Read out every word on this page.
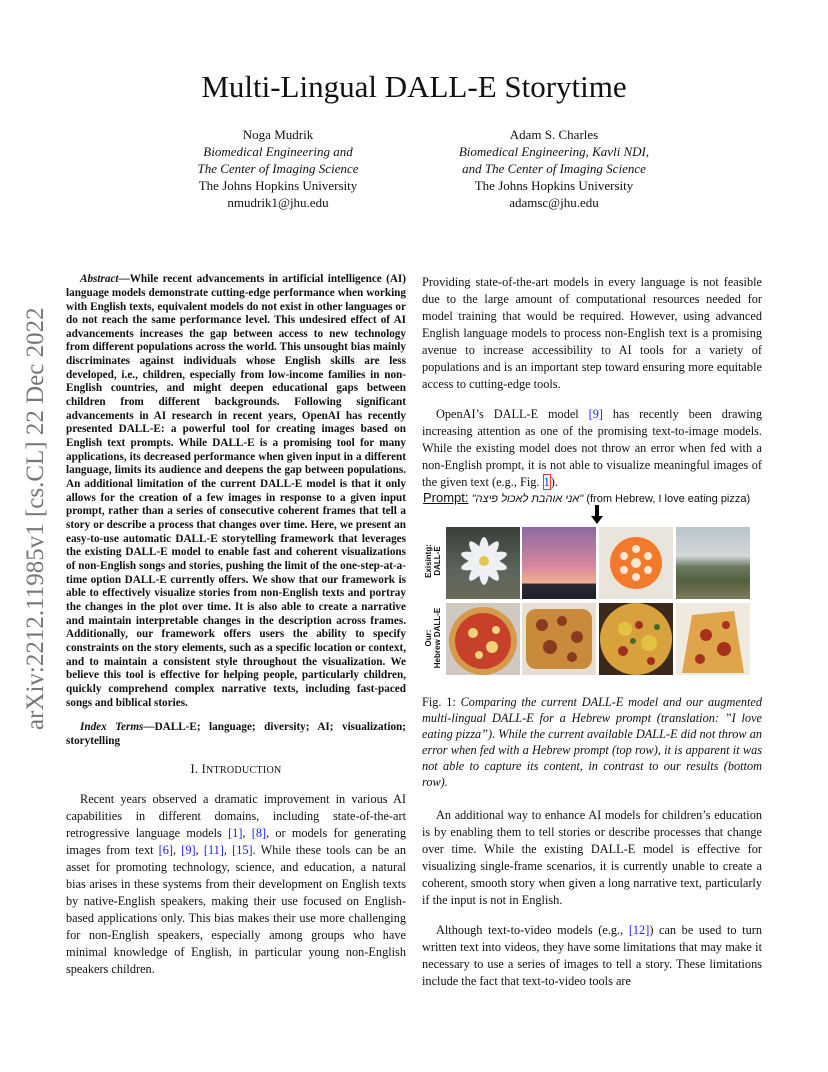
arXiv:2212.11985v1 [cs.CL] 22 Dec 2022
Multi-Lingual DALL-E Storytime
Noga Mudrik
Biomedical Engineering and
The Center of Imaging Science
The Johns Hopkins University
nmudrik1@jhu.edu
Adam S. Charles
Biomedical Engineering, Kavli NDI,
and The Center of Imaging Science
The Johns Hopkins University
adamsc@jhu.edu

Abstract—While recent advancements in artificial intelligence (AI) language models demonstrate cutting-edge performance when working with English texts, equivalent models do not exist in other languages or do not reach the same performance level. This undesired effect of AI advancements increases the gap between access to new technology from different populations across the world. This unsought bias mainly discriminates against individuals whose English skills are less developed, i.e., children, especially from low-income families in non-English countries, and might deepen educational gaps between children from different backgrounds. Following significant advancements in AI research in recent years, OpenAI has recently presented DALL-E: a powerful tool for creating images based on English text prompts. While DALL-E is a promising tool for many applications, its decreased performance when given input in a different language, limits its audience and deepens the gap between populations. An additional limitation of the current DALL-E model is that it only allows for the creation of a few images in response to a given input prompt, rather than a series of consecutive coherent frames that tell a story or describe a process that changes over time. Here, we present an easy-to-use automatic DALL-E storytelling framework that leverages the existing DALL-E model to enable fast and coherent visualizations of non-English songs and stories, pushing the limit of the one-step-at-a-time option DALL-E currently offers. We show that our framework is able to effectively visualize stories from non-English texts and portray the changes in the plot over time. It is also able to create a narrative and maintain interpretable changes in the description across frames. Additionally, our framework offers users the ability to specify constraints on the story elements, such as a specific location or context, and to maintain a consistent style throughout the visualization. We believe this tool is effective for helping people, particularly children, quickly comprehend complex narrative texts, including fast-paced songs and biblical stories.

Index Terms—DALL-E; language; diversity; AI; visualization; storytelling

I. INTRODUCTION

Recent years observed a dramatic improvement in various AI capabilities in different domains, including state-of-the-art retrogressive language models [1], [8], or models for generating images from text [6], [9], [11], [15]. While these tools can be an asset for promoting technology, science, and education, a natural bias arises in these systems from their development on English texts by native-English speakers, making their use focused on English-based applications only. This bias makes their use more challenging for non-English speakers, especially among groups who have minimal knowledge of English, in particular young non-English speakers children.

Providing state-of-the-art models in every language is not feasible due to the large amount of computational resources needed for model training that would be required. However, using advanced English language models to process non-English text is a promising avenue to increase accessibility to AI tools for a variety of populations and is an important step toward ensuring more equitable access to cutting-edge tools.

OpenAI’s DALL-E model [9] has recently been drawing increasing attention as one of the promising text-to-image models. While the existing model does not throw an error when fed with a non-English prompt, it is not able to visualize meaningful images of the given text (e.g., Fig. 1).

Prompt: "אני אוהבת לאכול פיצה" (from Hebrew, I love eating pizza)
Exisintg: DALL-E
Our: Hebrew DALL-E
Fig. 1: Comparing the current DALL-E model and our augmented multi-lingual DALL-E for a Hebrew prompt (translation: ”I love eating pizza”). While the current available DALL-E did not throw an error when fed with a Hebrew prompt (top row), it is apparent it was not able to capture its content, in contrast to our results (bottom row).

An additional way to enhance AI models for children’s education is by enabling them to tell stories or describe processes that change over time. While the existing DALL-E model is effective for visualizing single-frame scenarios, it is currently unable to create a coherent, smooth story when given a long narrative text, particularly if the input is not in English.

Although text-to-video models (e.g., [12]) can be used to turn written text into videos, they have some limitations that may make it necessary to use a series of images to tell a story. These limitations include the fact that text-to-video tools are
